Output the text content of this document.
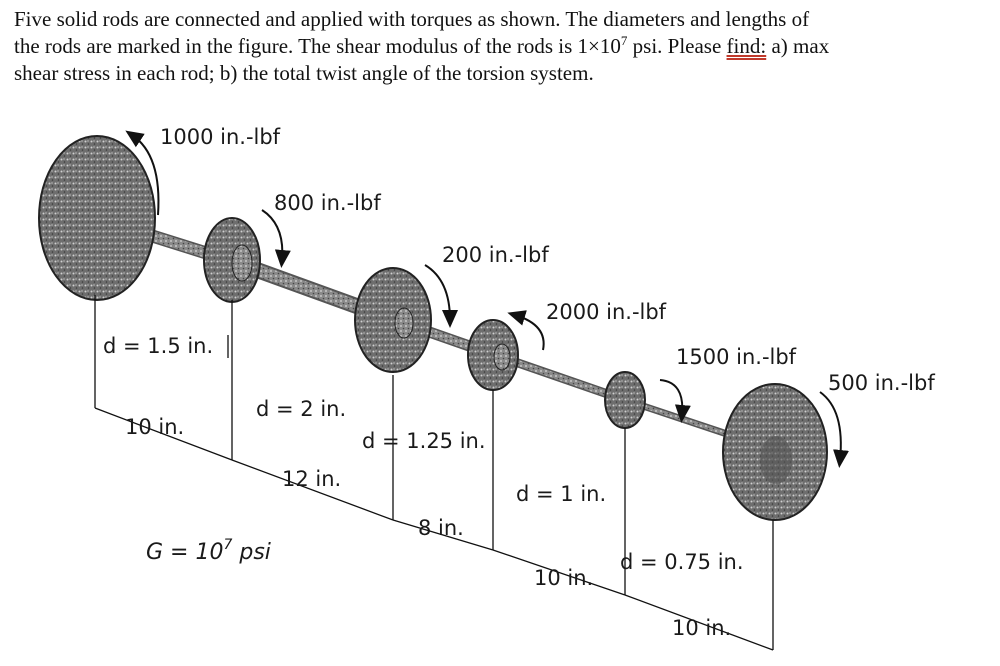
Five solid rods are connected and applied with torques as shown. The diameters and lengths of
the rods are marked in the figure. The shear modulus of the rods is $1\times 10^7$ psi. Please find: a) max
shear stress in each rod; b) the total twist angle of the torsion system.
1000 in.-lbf
800 in.-lbf
200 in.-lbf
2000 in.-lbf
1500 in.-lbf
500 in.-lbf
d = 1.5 in.
d = 2 in.
d = 1.25 in.
d = 1 in.
d = 0.75 in.
10 in.
12 in.
8 in.
10 in.
10 in.
$G = 10^7$ psi
